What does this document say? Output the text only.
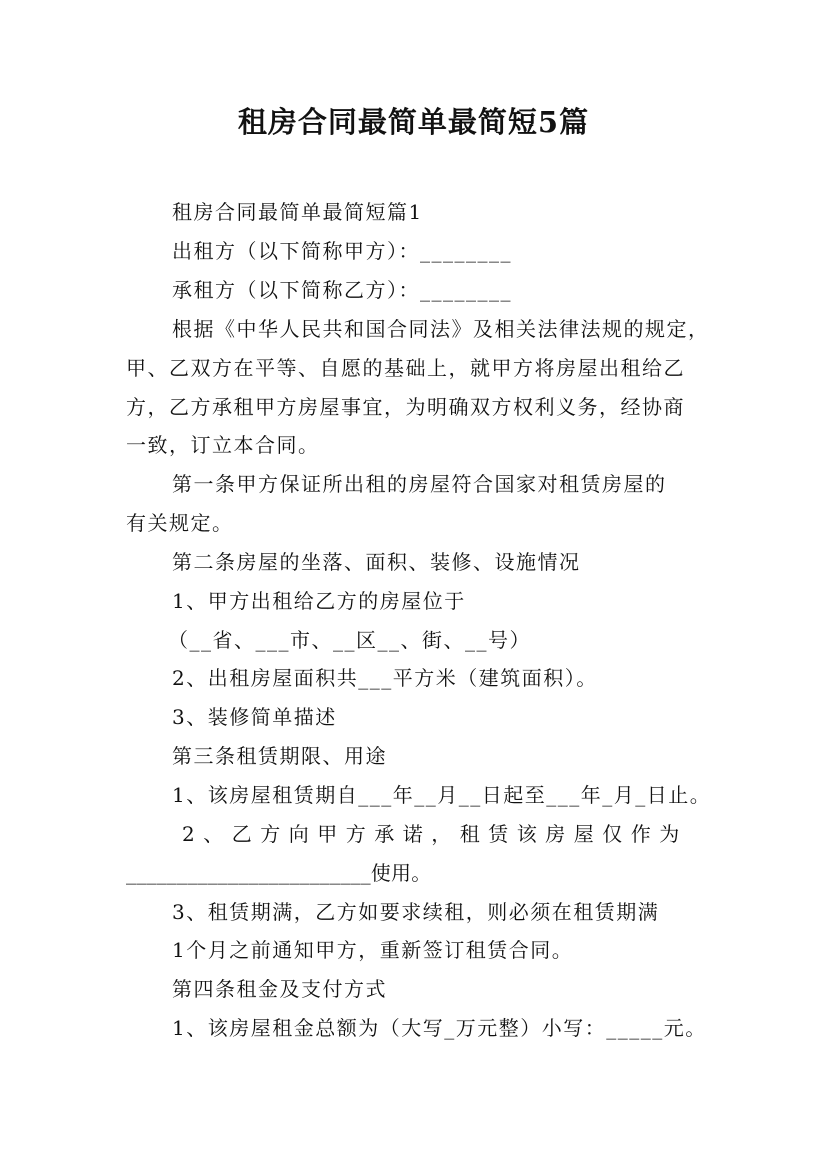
租房合同最简单最简短5篇
租房合同最简单最简短篇1
出租方（以下简称甲方）：________
承租方（以下简称乙方）：________
根据《中华人民共和国合同法》及相关法律法规的规定，
甲、乙双方在平等、自愿的基础上，就甲方将房屋出租给乙
方，乙方承租甲方房屋事宜，为明确双方权利义务，经协商
一致，订立本合同。
第一条甲方保证所出租的房屋符合国家对租赁房屋的
有关规定。
第二条房屋的坐落、面积、装修、设施情况
1、甲方出租给乙方的房屋位于
（__省、___市、__区__、街、__号）
2、出租房屋面积共___平方米（建筑面积）。
3、装修简单描述
第三条租赁期限、用途
1、该房屋租赁期自___年__月__日起至___年_月_日止。
2、乙方向甲方承诺，租赁该房屋仅作为
________________________使用。
3、租赁期满，乙方如要求续租，则必须在租赁期满
1个月之前通知甲方，重新签订租赁合同。
第四条租金及支付方式
1、该房屋租金总额为（大写_万元整）小写：_____元。
